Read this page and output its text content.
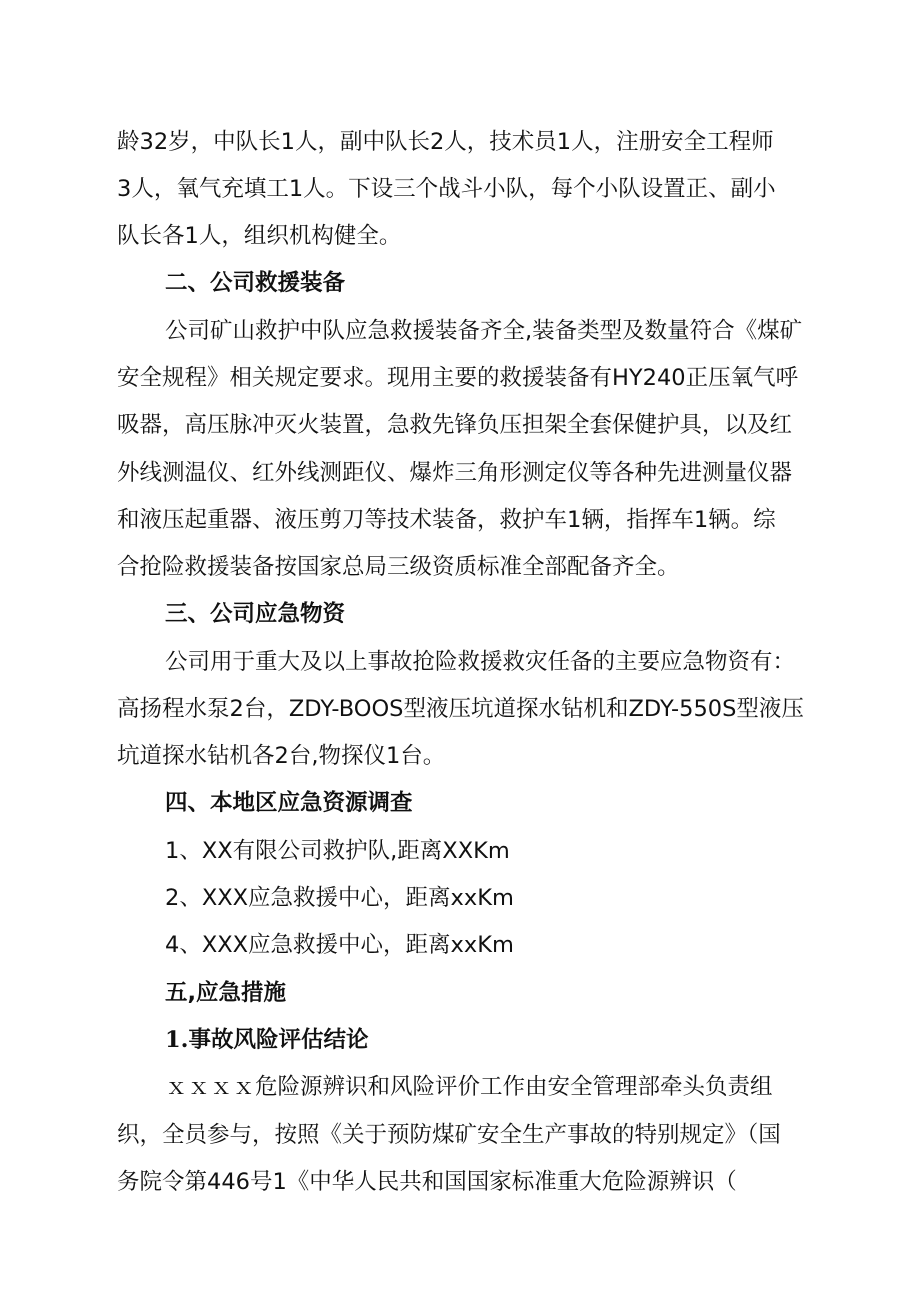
龄32岁，中队长1人，副中队长2人，技术员1人，注册安全工程师
3人，氧气充填工1人。下设三个战斗小队，每个小队设置正、副小
队长各1人，组织机构健全。
二、公司救援装备
公司矿山救护中队应急救援装备齐全,装备类型及数量符合《煤矿
安全规程》相关规定要求。现用主要的救援装备有HY240正压氧气呼
吸器，高压脉冲灭火装置，急救先锋负压担架全套保健护具，以及红
外线测温仪、红外线测距仪、爆炸三角形测定仪等各种先进测量仪器
和液压起重器、液压剪刀等技术装备，救护车1辆，指挥车1辆。综
合抢险救援装备按国家总局三级资质标准全部配备齐全。
三、公司应急物资
公司用于重大及以上事故抢险救援救灾任备的主要应急物资有：
高扬程水泵2台，ZDY-BOOS型液压坑道探水钻机和ZDY-550S型液压
坑道探水钻机各2台,物探仪1台。
四、本地区应急资源调查
1、XX有限公司救护队,距离XXKm
2、XXX应急救援中心，距离xxKm
4、XXX应急救援中心，距离xxKm
五,应急措施
1.事故风险评估结论
ｘｘｘｘ危险源辨识和风险评价工作由安全管理部牵头负责组
织，全员参与，按照《关于预防煤矿安全生产事故的特别规定》（国
务院令第446号1《中华人民共和国国家标准重大危险源辨识（
